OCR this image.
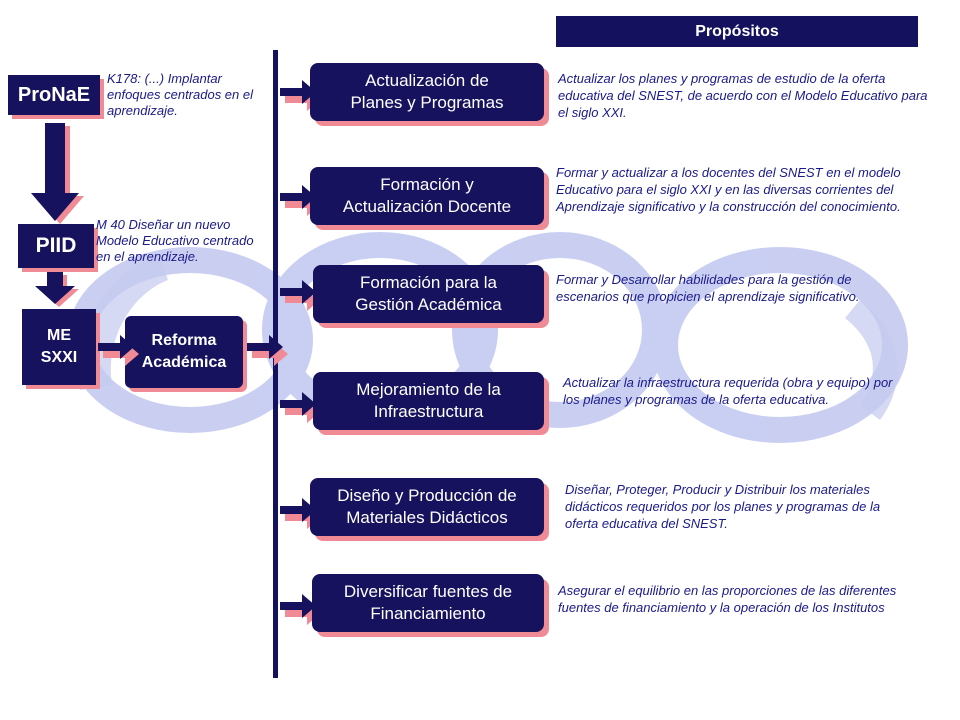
Propósitos
ProNaE
PIID
ME
SXXI
Reforma
Académica
K178: (...) Implantar enfoques centrados en el aprendizaje.
M 40 Diseñar un nuevo Modelo Educativo centrado en el aprendizaje.
Actualización de
Planes y Programas
Formación y
Actualización Docente
Formación para la
Gestión Académica
Mejoramiento de la
Infraestructura
Diseño y Producción de
Materiales Didácticos
Diversificar fuentes de
Financiamiento
Actualizar los planes y programas de estudio de la oferta educativa del SNEST, de acuerdo con el Modelo Educativo para el siglo XXI.
Formar y actualizar a los docentes del SNEST en el modelo Educativo para el siglo XXI y en las diversas corrientes del Aprendizaje significativo y la construcción del conocimiento.
Formar y Desarrollar habilidades para la gestión de escenarios que propicien el aprendizaje significativo.
Actualizar la infraestructura requerida (obra y equipo) por los planes y programas de la oferta educativa.
Diseñar, Proteger, Producir y Distribuir los materiales didácticos requeridos por los planes y programas de la oferta educativa del SNEST.
Asegurar el equilibrio en las proporciones de las diferentes fuentes de financiamiento y la operación de los Institutos
